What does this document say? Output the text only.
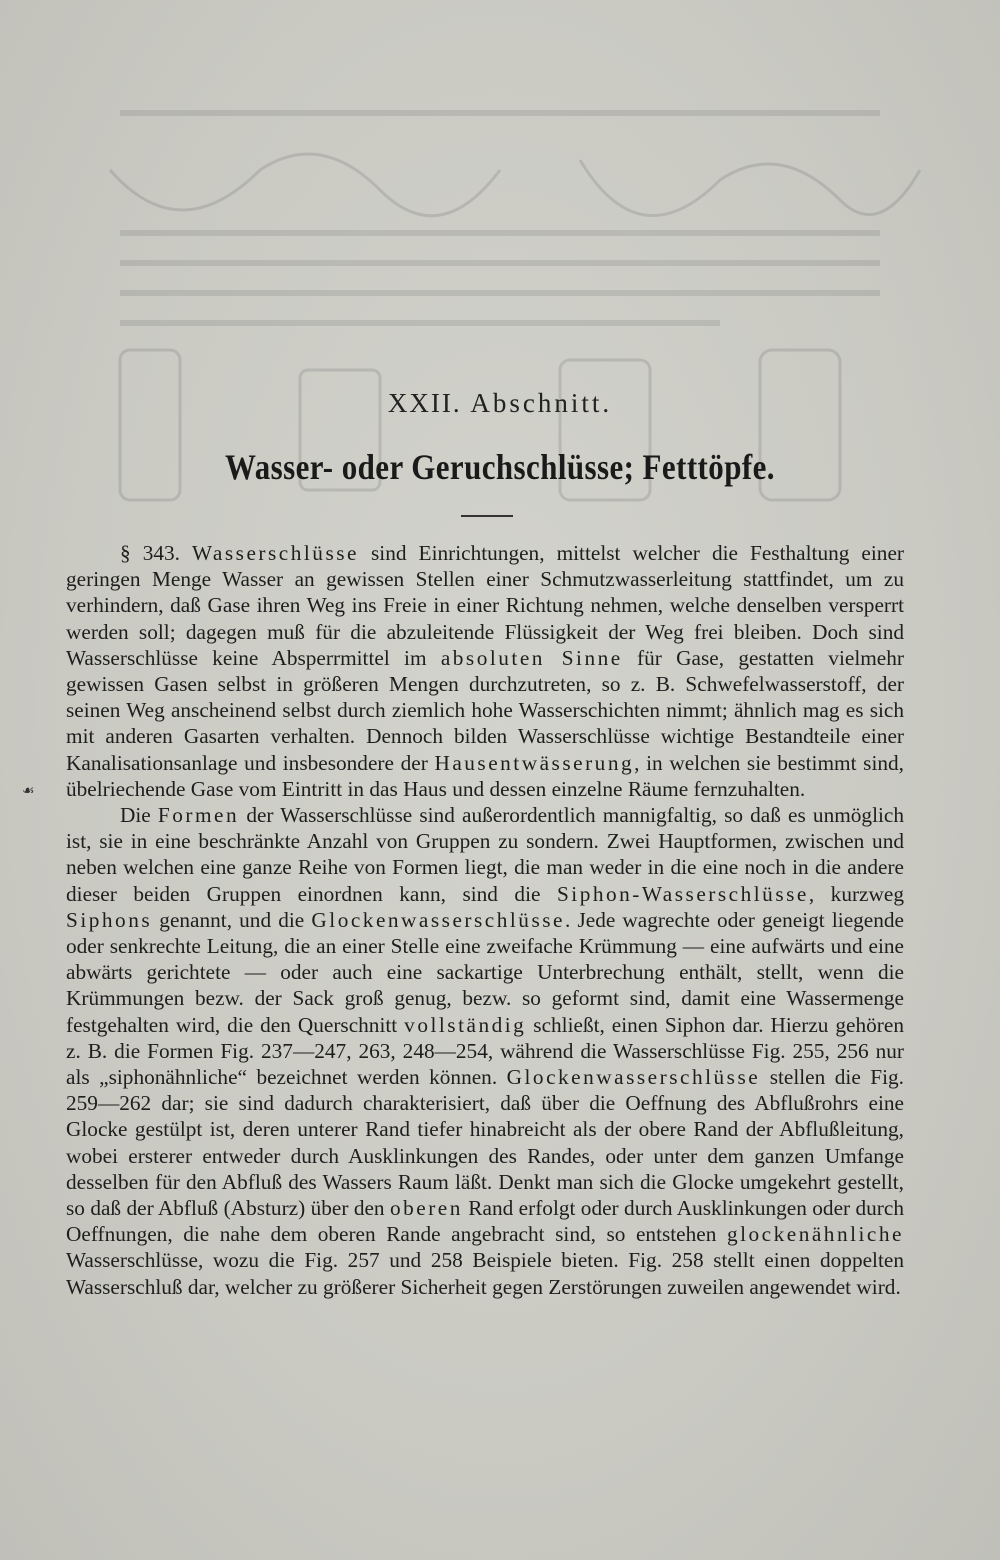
XXII. Abschnitt.
Wasser- oder Geruchschlüsse; Fetttöpfe.
☙

§ 343. Wasserschlüsse sind Einrichtungen, mittelst welcher die Festhaltung einer geringen Menge Wasser an gewissen Stellen einer Schmutzwasserleitung stattfindet, um zu verhindern, daß Gase ihren Weg ins Freie in einer Richtung nehmen, welche denselben versperrt werden soll; dagegen muß für die abzuleitende Flüssigkeit der Weg frei bleiben. Doch sind Wasserschlüsse keine Absperrmittel im absoluten Sinne für Gase, gestatten vielmehr gewissen Gasen selbst in größeren Mengen durchzutreten, so z. B. Schwefelwasserstoff, der seinen Weg anscheinend selbst durch ziemlich hohe Wasserschichten nimmt; ähnlich mag es sich mit anderen Gasarten verhalten. Dennoch bilden Wasserschlüsse wichtige Bestandteile einer Kanalisationsanlage und insbesondere der Hausentwässerung, in welchen sie bestimmt sind, übelriechende Gase vom Eintritt in das Haus und dessen einzelne Räume fernzuhalten.

Die Formen der Wasserschlüsse sind außerordentlich mannigfaltig, so daß es unmöglich ist, sie in eine beschränkte Anzahl von Gruppen zu sondern. Zwei Hauptformen, zwischen und neben welchen eine ganze Reihe von Formen liegt, die man weder in die eine noch in die andere dieser beiden Gruppen einordnen kann, sind die Siphon-Wasserschlüsse, kurzweg Siphons genannt, und die Glockenwasserschlüsse. Jede wagrechte oder geneigt liegende oder senkrechte Leitung, die an einer Stelle eine zweifache Krümmung — eine aufwärts und eine abwärts gerichtete — oder auch eine sackartige Unterbrechung enthält, stellt, wenn die Krümmungen bezw. der Sack groß genug, bezw. so geformt sind, damit eine Wassermenge festgehalten wird, die den Querschnitt vollständig schließt, einen Siphon dar. Hierzu gehören z. B. die Formen Fig. 237—247, 263, 248—254, während die Wasserschlüsse Fig. 255, 256 nur als „siphonähnliche“ bezeichnet werden können. Glockenwasserschlüsse stellen die Fig. 259—262 dar; sie sind dadurch charakterisiert, daß über die Oeffnung des Abflußrohrs eine Glocke gestülpt ist, deren unterer Rand tiefer hinabreicht als der obere Rand der Abflußleitung, wobei ersterer entweder durch Ausklinkungen des Randes, oder unter dem ganzen Umfange desselben für den Abfluß des Wassers Raum läßt. Denkt man sich die Glocke umgekehrt gestellt, so daß der Abfluß (Absturz) über den oberen Rand erfolgt oder durch Ausklinkungen oder durch Oeffnungen, die nahe dem oberen Rande angebracht sind, so entstehen glockenähnliche Wasserschlüsse, wozu die Fig. 257 und 258 Beispiele bieten. Fig. 258 stellt einen doppelten Wasserschluß dar, welcher zu größerer Sicherheit gegen Zerstörungen zuweilen angewendet wird.
